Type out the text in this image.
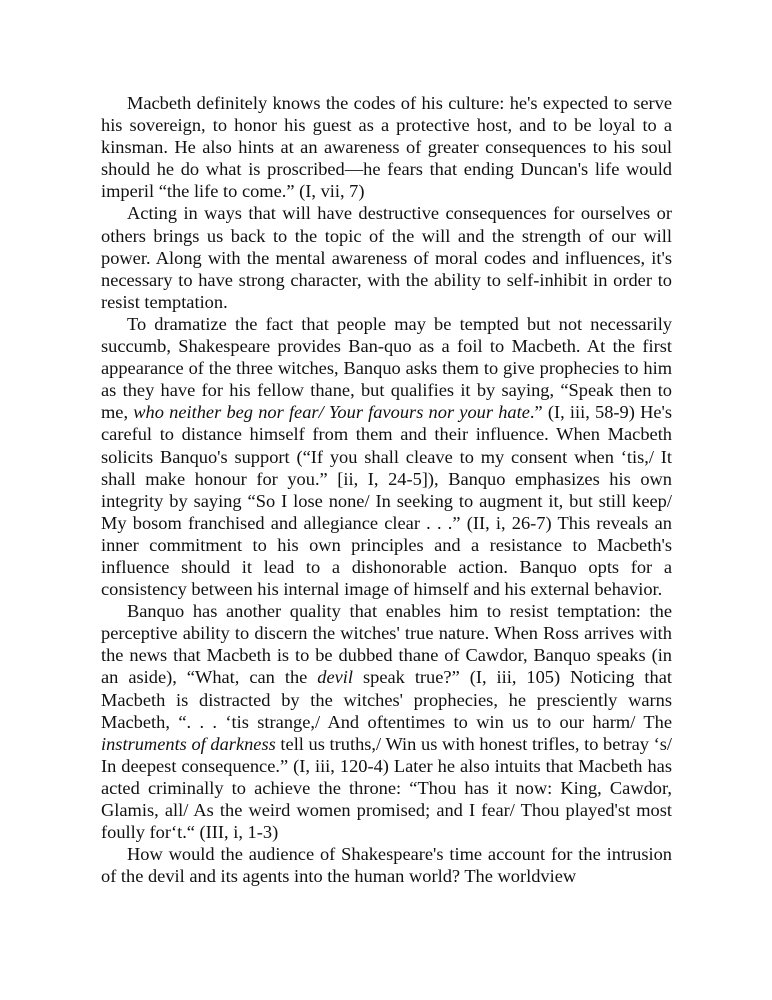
Macbeth definitely knows the codes of his culture: he's expected to serve his sovereign, to honor his guest as a protective host, and to be loyal to a kinsman. He also hints at an awareness of greater consequences to his soul should he do what is proscribed—he fears that ending Duncan's life would imperil “the life to come.” (I, vii, 7)

Acting in ways that will have destructive consequences for ourselves or others brings us back to the topic of the will and the strength of our will power. Along with the mental awareness of moral codes and influences, it's necessary to have strong character, with the ability to self-inhibit in order to resist temptation.

To dramatize the fact that people may be tempted but not necessarily succumb, Shakespeare provides Ban-quo as a foil to Macbeth. At the first appearance of the three witches, Banquo asks them to give prophecies to him as they have for his fellow thane, but qualifies it by saying, “Speak then to me, who neither beg nor fear/ Your favours nor your hate.” (I, iii, 58-9) He's careful to distance himself from them and their influence. When Macbeth solicits Banquo's support (“If you shall cleave to my consent when ‘tis,/ It shall make honour for you.” [ii, I, 24-5]), Banquo emphasizes his own integrity by saying “So I lose none/ In seeking to augment it, but still keep/ My bosom franchised and allegiance clear . . .” (II, i, 26-7) This reveals an inner commitment to his own principles and a resistance to Macbeth's influence should it lead to a dishonorable action. Banquo opts for a consistency between his internal image of himself and his external behavior.

Banquo has another quality that enables him to resist temptation: the perceptive ability to discern the witches' true nature. When Ross arrives with the news that Macbeth is to be dubbed thane of Cawdor, Banquo speaks (in an aside), “What, can the devil speak true?” (I, iii, 105) Noticing that Macbeth is distracted by the witches' prophecies, he presciently warns Macbeth, “. . . ‘tis strange,/ And oftentimes to win us to our harm/ The instruments of darkness tell us truths,/ Win us with honest trifles, to betray ‘s/ In deepest consequence.” (I, iii, 120-4) Later he also intuits that Macbeth has acted criminally to achieve the throne: “Thou has it now: King, Cawdor, Glamis, all/ As the weird women promised; and I fear/ Thou played'st most foully for‘t.“ (III, i, 1-3)

How would the audience of Shakespeare's time account for the intrusion of the devil and its agents into the human world? The worldview
